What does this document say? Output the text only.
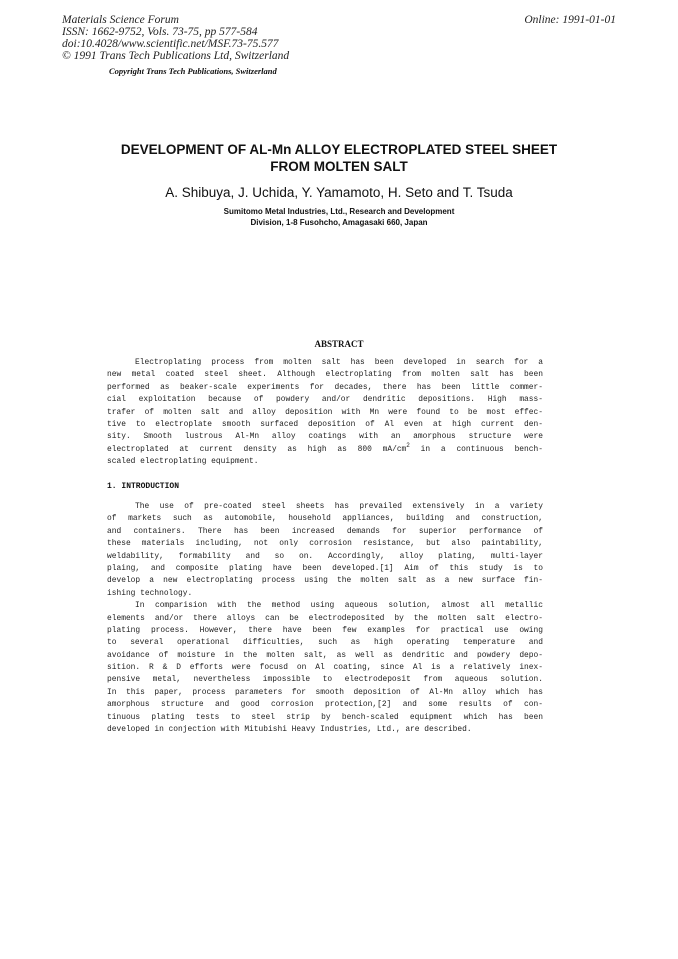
Materials Science Forum
ISSN: 1662-9752, Vols. 73-75, pp 577-584
doi:10.4028/www.scientific.net/MSF.73-75.577
© 1991 Trans Tech Publications Ltd, Switzerland
Online: 1991-01-01
Copyright Trans Tech Publications, Switzerland
DEVELOPMENT OF AL-Mn ALLOY ELECTROPLATED STEEL SHEET
FROM MOLTEN SALT
A. Shibuya, J. Uchida, Y. Yamamoto, H. Seto and T. Tsuda
Sumitomo Metal Industries, Ltd., Research and Development
Division, 1-8 Fusohcho, Amagasaki 660, Japan
ABSTRACT
Electroplating process from molten salt has been developed in search for a
new metal coated steel sheet. Although electroplating from molten salt has been
performed as beaker-scale experiments for decades, there has been little commer-
cial exploitation because of powdery and/or dendritic depositions. High mass-
trafer of molten salt and alloy deposition with Mn were found to be most effec-
tive to electroplate smooth surfaced deposition of Al even at high current den-
sity. Smooth lustrous Al-Mn alloy coatings with an amorphous structure were
electroplated at current density as high as 800 $mA/cm^2$ in a continuous bench-
scaled electroplating equipment.
1. INTRODUCTION
The use of pre-coated steel sheets has prevailed extensively in a variety
of markets such as automobile, household appliances, building and construction,
and containers. There has been increased demands for superior performance of
these materials including, not only corrosion resistance, but also paintability,
weldability, formability and so on. Accordingly, alloy plating, multi-layer
plaing, and composite plating have been developed.[1] Aim of this study is to
develop a new electroplating process using the molten salt as a new surface fin-
ishing technology.
In comparision with the method using aqueous solution, almost all metallic
elements and/or there alloys can be electrodeposited by the molten salt electro-
plating process. However, there have been few examples for practical use owing
to several operational difficulties, such as high operating temperature and
avoidance of moisture in the molten salt, as well as dendritic and powdery depo-
sition. R & D efforts were focusd on Al coating, since Al is a relatively inex-
pensive metal, nevertheless impossible to electrodeposit from aqueous solution.
In this paper, process parameters for smooth deposition of Al-Mn alloy which has
amorphous structure and good corrosion protection,[2] and some results of con-
tinuous plating tests to steel strip by bench-scaled equipment which has been
developed in conjection with Mitubishi Heavy Industries, Ltd., are described.
